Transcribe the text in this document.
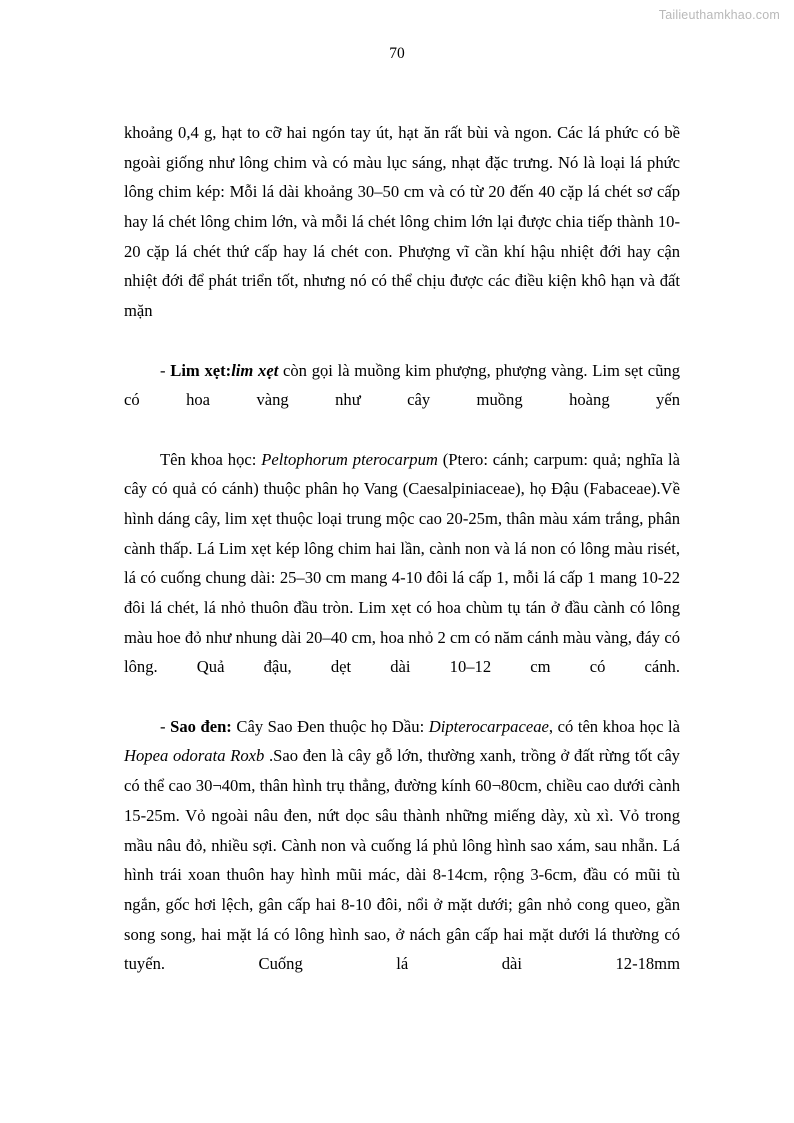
Tailieuthamkhao.com
70
khoảng 0,4 g, hạt to cỡ hai ngón tay út, hạt ăn rất bùi và ngon. Các lá phức có bề ngoài giống như lông chim và có màu lục sáng, nhạt đặc trưng. Nó là loại lá phức lông chim kép: Mỗi lá dài khoảng 30–50 cm và có từ 20 đến 40 cặp lá chét sơ cấp hay lá chét lông chim lớn, và mỗi lá chét lông chim lớn lại được chia tiếp thành 10-20 cặp lá chét thứ cấp hay lá chét con. Phượng vĩ cần khí hậu nhiệt đới hay cận nhiệt đới để phát triển tốt, nhưng nó có thể chịu được các điều kiện khô hạn và đất mặn
- Lim xẹt:lim xẹt còn gọi là muồng kim phượng, phượng vàng. Lim sẹt cũng có hoa vàng như cây muồng hoàng yến
Tên khoa học: Peltophorum pterocarpum (Ptero: cánh; carpum: quả; nghĩa là cây có quả có cánh) thuộc phân họ Vang (Caesalpiniaceae), họ Đậu (Fabaceae).Về hình dáng cây, lim xẹt thuộc loại trung mộc cao 20-25m, thân màu xám trắng, phân cành thấp. Lá Lim xẹt kép lông chim hai lần, cành non và lá non có lông màu risét, lá có cuống chung dài: 25–30 cm mang 4-10 đôi lá cấp 1, mỗi lá cấp 1 mang 10-22 đôi lá chét, lá nhỏ thuôn đầu tròn. Lim xẹt có hoa chùm tụ tán ở đầu cành có lông màu hoe đỏ như nhung dài 20–40 cm, hoa nhỏ 2 cm có năm cánh màu vàng, đáy có lông. Quả đậu, dẹt dài 10–12 cm có cánh.
- Sao đen: Cây Sao Đen thuộc họ Dầu: Dipterocarpaceae, có tên khoa học là Hopea odorata Roxb .Sao đen là cây gỗ lớn, thường xanh, trồng ở đất rừng tốt cây có thể cao 30¬40m, thân hình trụ thẳng, đường kính 60¬80cm, chiều cao dưới cành 15-25m. Vỏ ngoài nâu đen, nứt dọc sâu thành những miếng dày, xù xì. Vỏ trong mầu nâu đỏ, nhiều sợi. Cành non và cuống lá phủ lông hình sao xám, sau nhẵn. Lá hình trái xoan thuôn hay hình mũi mác, dài 8-14cm, rộng 3-6cm, đầu có mũi tù ngắn, gốc hơi lệch, gân cấp hai 8-10 đôi, nổi ở mặt dưới; gân nhỏ cong queo, gần song song, hai mặt lá có lông hình sao, ở nách gân cấp hai mặt dưới lá thường có tuyến. Cuống lá dài 12-18mm
